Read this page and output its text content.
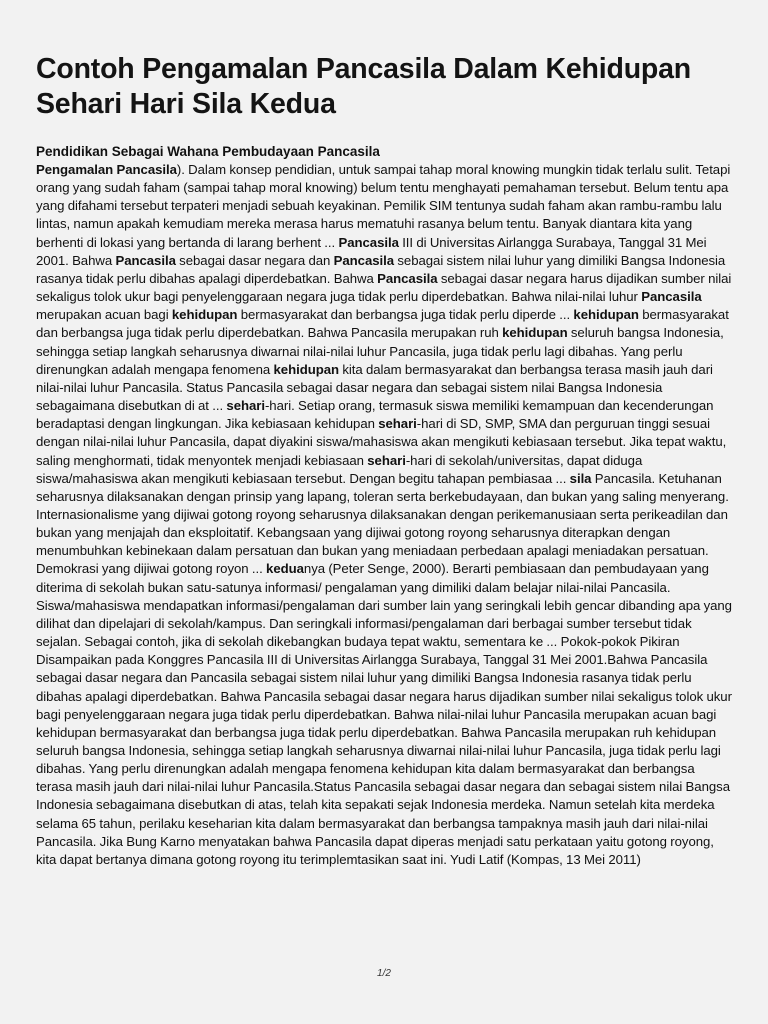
Contoh Pengamalan Pancasila Dalam Kehidupan Sehari Hari Sila Kedua

Pendidikan Sebagai Wahana Pembudayaan Pancasila

Pengamalan Pancasila). Dalam konsep pendidian, untuk sampai tahap moral knowing mungkin tidak terlalu sulit. Tetapi orang yang sudah faham (sampai tahap moral knowing) belum tentu menghayati pemahaman tersebut. Belum tentu apa yang difahami tersebut terpateri menjadi sebuah keyakinan. Pemilik SIM tentunya sudah faham akan rambu-rambu lalu lintas, namun apakah kemudiam mereka merasa harus mematuhi rasanya belum tentu. Banyak diantara kita yang berhenti di lokasi yang bertanda di larang berhent ... Pancasila III di Universitas Airlangga Surabaya, Tanggal 31 Mei 2001. Bahwa Pancasila sebagai dasar negara dan Pancasila sebagai sistem nilai luhur yang dimiliki Bangsa Indonesia rasanya tidak perlu dibahas apalagi diperdebatkan. Bahwa Pancasila sebagai dasar negara harus dijadikan sumber nilai sekaligus tolok ukur bagi penyelenggaraan negara juga tidak perlu diperdebatkan. Bahwa nilai-nilai luhur Pancasila merupakan acuan bagi kehidupan bermasyarakat dan berbangsa juga tidak perlu diperde ... kehidupan bermasyarakat dan berbangsa juga tidak perlu diperdebatkan. Bahwa Pancasila merupakan ruh kehidupan seluruh bangsa Indonesia, sehingga setiap langkah seharusnya diwarnai nilai-nilai luhur Pancasila, juga tidak perlu lagi dibahas. Yang perlu direnungkan adalah mengapa fenomena kehidupan kita dalam bermasyarakat dan berbangsa terasa masih jauh dari nilai-nilai luhur Pancasila. Status Pancasila sebagai dasar negara dan sebagai sistem nilai Bangsa Indonesia sebagaimana disebutkan di at ... sehari-hari. Setiap orang, termasuk siswa memiliki kemampuan dan kecenderungan beradaptasi dengan lingkungan. Jika kebiasaan kehidupan sehari-hari di SD, SMP, SMA dan perguruan tinggi sesuai dengan nilai-nilai luhur Pancasila, dapat diyakini siswa/mahasiswa akan mengikuti kebiasaan tersebut. Jika tepat waktu, saling menghormati, tidak menyontek menjadi kebiasaan sehari-hari di sekolah/universitas, dapat diduga siswa/mahasiswa akan mengikuti kebiasaan tersebut. Dengan begitu tahapan pembiasaa ... sila Pancasila. Ketuhanan seharusnya dilaksanakan dengan prinsip yang lapang, toleran serta berkebudayaan, dan bukan yang saling menyerang. Internasionalisme yang dijiwai gotong royong seharusnya dilaksanakan dengan perikemanusiaan serta perikeadilan dan bukan yang menjajah dan eksploitatif. Kebangsaan yang dijiwai gotong royong seharusnya diterapkan dengan menumbuhkan kebinekaan dalam persatuan dan bukan yang meniadaan perbedaan apalagi meniadakan persatuan. Demokrasi yang dijiwai gotong royon ... keduanya (Peter Senge, 2000). Berarti pembiasaan dan pembudayaan yang diterima di sekolah bukan satu-satunya informasi/ pengalaman yang dimiliki dalam belajar nilai-nilai Pancasila. Siswa/mahasiswa mendapatkan informasi/pengalaman dari sumber lain yang seringkali lebih gencar dibanding apa yang dilihat dan dipelajari di sekolah/kampus. Dan seringkali informasi/pengalaman dari berbagai sumber tersebut tidak sejalan. Sebagai contoh, jika di sekolah dikebangkan budaya tepat waktu, sementara ke ... Pokok-pokok Pikiran Disampaikan pada Konggres Pancasila III di Universitas Airlangga Surabaya, Tanggal 31 Mei 2001.Bahwa Pancasila sebagai dasar negara dan Pancasila sebagai sistem nilai luhur yang dimiliki Bangsa Indonesia rasanya tidak perlu dibahas apalagi diperdebatkan. Bahwa Pancasila sebagai dasar negara harus dijadikan sumber nilai sekaligus tolok ukur bagi penyelenggaraan negara juga tidak perlu diperdebatkan. Bahwa nilai-nilai luhur Pancasila merupakan acuan bagi kehidupan bermasyarakat dan berbangsa juga tidak perlu diperdebatkan. Bahwa Pancasila merupakan ruh kehidupan seluruh bangsa Indonesia, sehingga setiap langkah seharusnya diwarnai nilai-nilai luhur Pancasila, juga tidak perlu lagi dibahas. Yang perlu direnungkan adalah mengapa fenomena kehidupan kita dalam bermasyarakat dan berbangsa terasa masih jauh dari nilai-nilai luhur Pancasila.Status Pancasila sebagai dasar negara dan sebagai sistem nilai Bangsa Indonesia sebagaimana disebutkan di atas, telah kita sepakati sejak Indonesia merdeka. Namun setelah kita merdeka selama 65 tahun, perilaku keseharian kita dalam bermasyarakat dan berbangsa tampaknya masih jauh dari nilai-nilai Pancasila. Jika Bung Karno menyatakan bahwa Pancasila dapat diperas menjadi satu perkataan yaitu gotong royong, kita dapat bertanya dimana gotong royong itu terimplemtasikan saat ini. Yudi Latif (Kompas, 13 Mei 2011)

1/2
